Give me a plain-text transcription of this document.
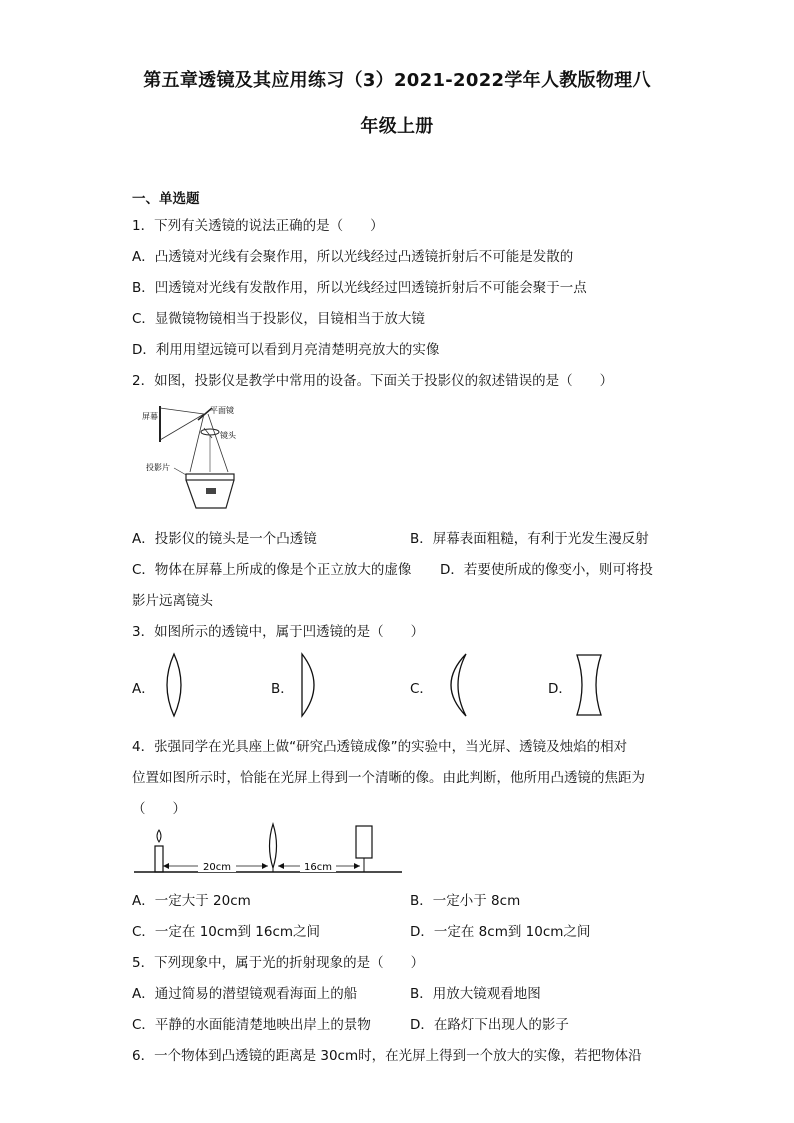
第五章透镜及其应用练习（3）2021-2022学年人教版物理八
年级上册
一、单选题
1．下列有关透镜的说法正确的是（　　）
A．凸透镜对光线有会聚作用，所以光线经过凸透镜折射后不可能是发散的
B．凹透镜对光线有发散作用，所以光线经过凹透镜折射后不可能会聚于一点
C．显微镜物镜相当于投影仪，目镜相当于放大镜
D．利用用望远镜可以看到月亮清楚明亮放大的实像
2．如图，投影仪是教学中常用的设备。下面关于投影仪的叙述错误的是（　　）
屏幕
平面镜
镜头
投影片
A．投影仪的镜头是一个凸透镜	B．屏幕表面粗糙，有利于光发生漫反射
C．物体在屏幕上所成的像是个正立放大的虚像 D．若要使所成的像变小，则可将投
影片远离镜头
3．如图所示的透镜中，属于凹透镜的是（　　）
A．	B．	C．	D．
4．张强同学在光具座上做“研究凸透镜成像”的实验中，当光屏、透镜及烛焰的相对
位置如图所示时，恰能在光屏上得到一个清晰的像。由此判断，他所用凸透镜的焦距为
（　　）
20cm	16cm
A．一定大于 20cm	B．一定小于 8cm
C．一定在 10cm到 16cm之间	D．一定在 8cm到 10cm之间
5．下列现象中，属于光的折射现象的是（　　）
A．通过简易的潜望镜观看海面上的船	B．用放大镜观看地图
C．平静的水面能清楚地映出岸上的景物	D．在路灯下出现人的影子
6．一个物体到凸透镜的距离是 30cm时，在光屏上得到一个放大的实像，若把物体沿
